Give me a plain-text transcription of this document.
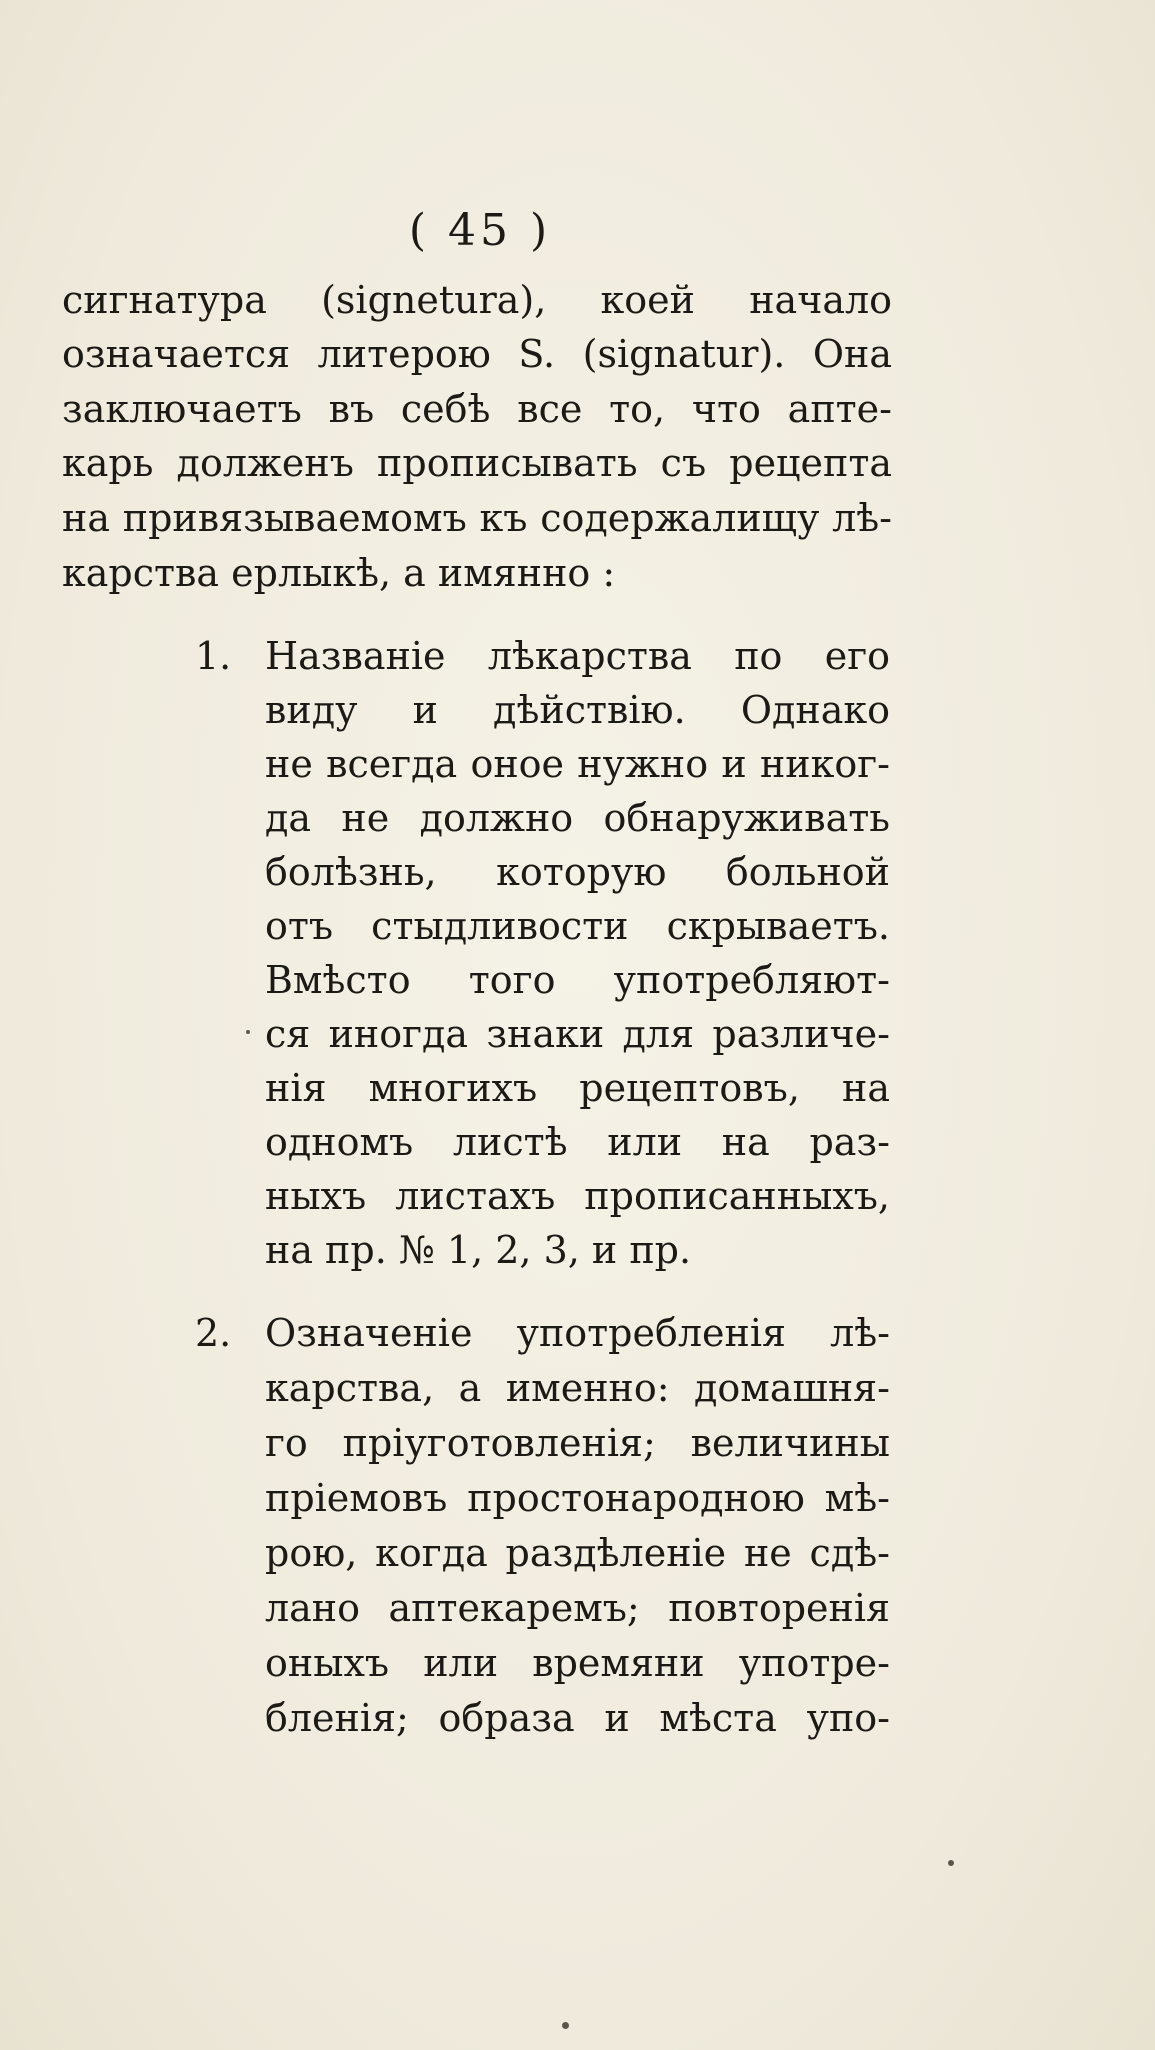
( 45 )
сигнатура (signetura), коей начало
означается литерою S. (signatur). Она
заключаетъ въ себѣ все то, что апте-
карь долженъ прописывать съ рецепта
на привязываемомъ къ содержалищу лѣ-
карства ерлыкѣ, а имянно :
1. Названіе лѣкарства по его
виду и дѣйствію. Однако
не всегда оное нужно и никог-
да не должно обнаруживать
болѣзнь, которую больной
отъ стыдливости скрываетъ.
Вмѣсто того употребляют-
ся иногда знаки для различе-
нія многихъ рецептовъ, на
одномъ листѣ или на раз-
ныхъ листахъ прописанныхъ,
на пр. № 1, 2, 3, и пр.
2. Означеніе употребленія лѣ-
карства, а именно: домашня-
го пріуготовленія; величины
пріемовъ простонародною мѣ-
рою, когда раздѣленіе не сдѣ-
лано аптекаремъ; повторенія
оныхъ или времяни употре-
бленія; образа и мѣста упо-
